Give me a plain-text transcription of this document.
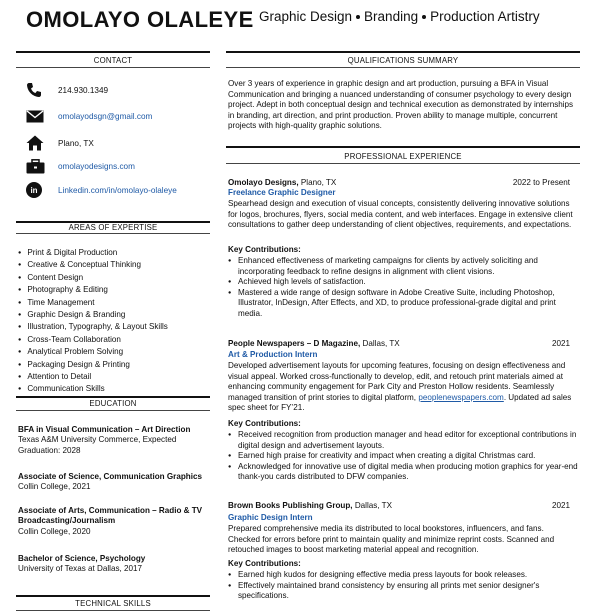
OMOLAYO OLALEYE Graphic Design Branding Production Artistry
CONTACT
214.930.1349
omolayodsgn@gmail.com
Plano, TX
omolayodesigns.com
in Linkedin.com/in/omolayo-olaleye
AREAS OF EXPERTISE
● Print & Digital Production
● Creative & Conceptual Thinking
● Content Design
● Photography & Editing
● Time Management
● Graphic Design & Branding
● Illustration, Typography, & Layout Skills
● Cross-Team Collaboration
● Analytical Problem Solving
● Packaging Design & Printing
● Attention to Detail
● Communication Skills
EDUCATION
BFA in Visual Communication – Art Direction
Texas A&M University Commerce, Expected Graduation: 2028
Associate of Science, Communication Graphics
Collin College, 2021
Associate of Arts, Communication – Radio & TV Broadcasting/Journalism
Collin College, 2020
Bachelor of Science, Psychology
University of Texas at Dallas, 2017
TECHNICAL SKILLS
QUALIFICATIONS SUMMARY
Over 3 years of experience in graphic design and art production, pursuing a BFA in Visual Communication and bringing a nuanced understanding of consumer psychology to every design project. Adept in both conceptual design and technical execution as demonstrated by internships in branding, art direction, and print production. Proven ability to manage multiple, concurrent projects with high-quality graphic solutions.
PROFESSIONAL EXPERIENCE
Omolayo Designs, Plano, TX	2022 to Present
Freelance Graphic Designer
Spearhead design and execution of visual concepts, consistently delivering innovative solutions for logos, brochures, flyers, social media content, and web interfaces. Engage in extensive client consultations to gather deep understanding of client objectives, requirements, and expectations.
Key Contributions:
● Enhanced effectiveness of marketing campaigns for clients by actively soliciting and incorporating feedback to refine designs in alignment with client visions.
● Achieved high levels of satisfaction.
● Mastered a wide range of design software in Adobe Creative Suite, including Photoshop, Illustrator, InDesign, After Effects, and XD, to produce professional-grade digital and print media.
People Newspapers – D Magazine, Dallas, TX	2021
Art & Production Intern
Developed advertisement layouts for upcoming features, focusing on design effectiveness and visual appeal. Worked cross-functionally to develop, edit, and retouch print materials aimed at enhancing community engagement for Park City and Preston Hollow residents. Seamlessly managed transition of print stories to digital platform, peoplenewspapers.com. Updated ad sales spec sheet for FY’21.
Key Contributions:
● Received recognition from production manager and head editor for exceptional contributions in digital design and advertisement layouts.
● Earned high praise for creativity and impact when creating a digital Christmas card.
● Acknowledged for innovative use of digital media when producing motion graphics for year-end thank-you cards distributed to DFW companies.
Brown Books Publishing Group, Dallas, TX	2021
Graphic Design Intern
Prepared comprehensive media its distributed to local bookstores, influencers, and fans. Checked for errors before print to maintain quality and minimize reprint costs. Scanned and retouched images to boost marketing material appeal and recognition.
Key Contributions:
● Earned high kudos for designing effective media press layouts for book releases.
● Effectively maintained brand consistency by ensuring all prints met senior designer's specifications.
